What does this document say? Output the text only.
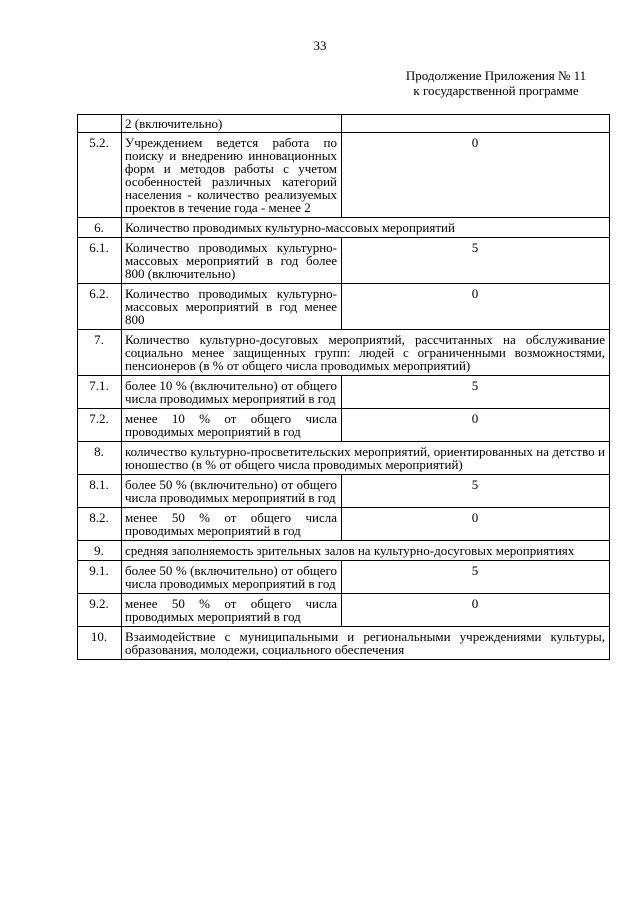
33
Продолжение Приложения № 11
к государственной программе
	2 (включительно)	
5.2.	Учреждением ведется работа по поиску и внедрению инновационных форм и методов работы с учетом особенностей различных категорий населения - количество реализуемых проектов в течение года - менее 2	0
6.	Количество проводимых культурно-массовых мероприятий	
6.1.	Количество проводимых культурно-массовых мероприятий в год более 800 (включительно)	5
6.2.	Количество проводимых культурно-массовых мероприятий в год менее 800	0
7.	Количество культурно-досуговых мероприятий, рассчитанных на обслуживание социально менее защищенных групп: людей с ограниченными возможностями, пенсионеров (в % от общего числа проводимых мероприятий)	
7.1.	более 10 % (включительно) от общего числа проводимых мероприятий в год	5
7.2.	менее 10 % от общего числа проводимых мероприятий в год	0
8.	количество культурно-просветительских мероприятий, ориентированных на детство и юношество (в % от общего числа проводимых мероприятий)	
8.1.	более 50 % (включительно) от общего числа проводимых мероприятий в год	5
8.2.	менее 50 % от общего числа проводимых мероприятий в год	0
9.	средняя заполняемость зрительных залов на культурно-досуговых мероприятиях	
9.1.	более 50 % (включительно) от общего числа проводимых мероприятий в год	5
9.2.	менее 50 % от общего числа проводимых мероприятий в год	0
10.	Взаимодействие с муниципальными и региональными учреждениями культуры, образования, молодежи, социального обеспечения	
